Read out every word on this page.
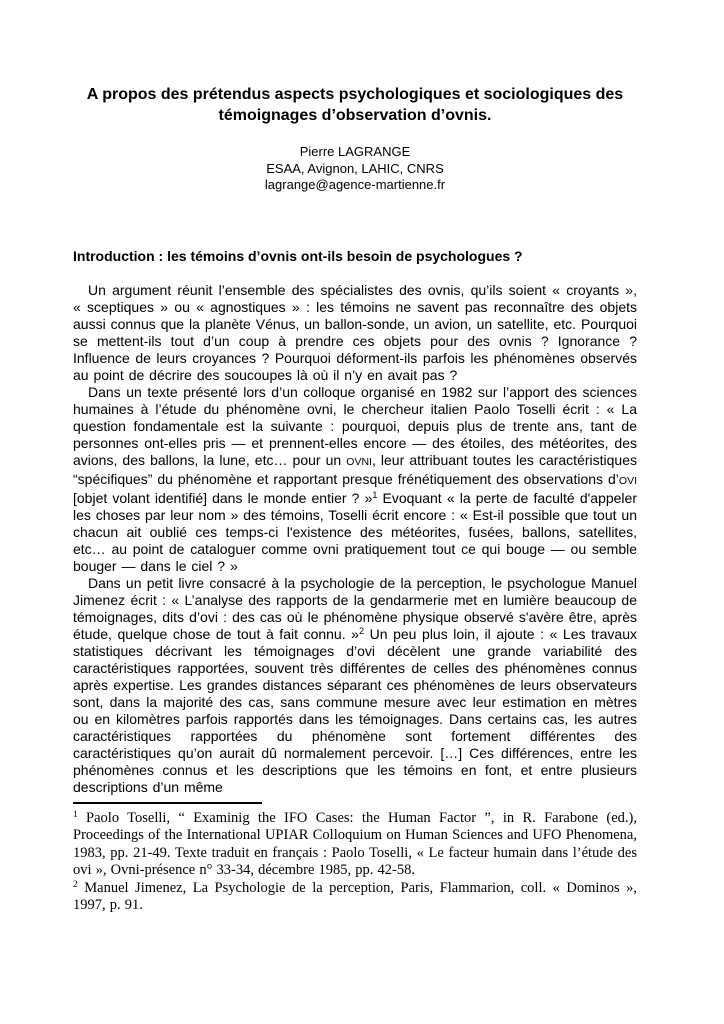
A propos des prétendus aspects psychologiques et sociologiques des témoignages d’observation d’ovnis.
Pierre LAGRANGE
ESAA, Avignon, LAHIC, CNRS
lagrange@agence-martienne.fr
Introduction : les témoins d’ovnis ont-ils besoin de psychologues ?

Un argument réunit l’ensemble des spécialistes des ovnis, qu’ils soient « croyants », « sceptiques » ou « agnostiques » : les témoins ne savent pas reconnaître des objets aussi connus que la planète Vénus, un ballon-sonde, un avion, un satellite, etc. Pourquoi se mettent-ils tout d’un coup à prendre ces objets pour des ovnis ? Ignorance ? Influence de leurs croyances ? Pourquoi déforment-ils parfois les phénomènes observés au point de décrire des soucoupes là où il n’y en avait pas ?

Dans un texte présenté lors d’un colloque organisé en 1982 sur l’apport des sciences humaines à l’étude du phénomène ovni, le chercheur italien Paolo Toselli écrit : « La question fondamentale est la suivante : pourquoi, depuis plus de trente ans, tant de personnes ont-elles pris — et prennent-elles encore — des étoiles, des météorites, des avions, des ballons, la lune, etc… pour un OVNI, leur attribuant toutes les caractéristiques “spécifiques” du phénomène et rapportant presque frénétiquement des observations d’OVI [objet volant identifié] dans le monde entier ? »$^1$ Evoquant « la perte de faculté d'appeler les choses par leur nom » des témoins, Toselli écrit encore : « Est-il possible que tout un chacun ait oublié ces temps-ci l'existence des météorites, fusées, ballons, satellites, etc… au point de cataloguer comme ovni pratiquement tout ce qui bouge — ou semble bouger — dans le ciel ? »

Dans un petit livre consacré à la psychologie de la perception, le psychologue Manuel Jimenez écrit : « L’analyse des rapports de la gendarmerie met en lumière beaucoup de témoignages, dits d’ovi : des cas où le phénomène physique observé s'avère être, après étude, quelque chose de tout à fait connu. »$^2$ Un peu plus loin, il ajoute : « Les travaux statistiques décrivant les témoignages d’ovi décèlent une grande variabilité des caractéristiques rapportées, souvent très différentes de celles des phénomènes connus après expertise. Les grandes distances séparant ces phénomènes de leurs observateurs sont, dans la majorité des cas, sans commune mesure avec leur estimation en mètres ou en kilomètres parfois rapportés dans les témoignages. Dans certains cas, les autres caractéristiques rapportées du phénomène sont fortement différentes des caractéristiques qu’on aurait dû normalement percevoir. […] Ces différences, entre les phénomènes connus et les descriptions que les témoins en font, et entre plusieurs descriptions d’un même

$^1$ Paolo Toselli, “ Examinig the IFO Cases: the Human Factor ”, in R. Farabone (ed.), Proceedings of the International UPIAR Colloquium on Human Sciences and UFO Phenomena, 1983, pp. 21-49. Texte traduit en français : Paolo Toselli, « Le facteur humain dans l’étude des ovi », Ovni-présence n° 33-34, décembre 1985, pp. 42-58.

$^2$ Manuel Jimenez, La Psychologie de la perception, Paris, Flammarion, coll. « Dominos », 1997, p. 91.
